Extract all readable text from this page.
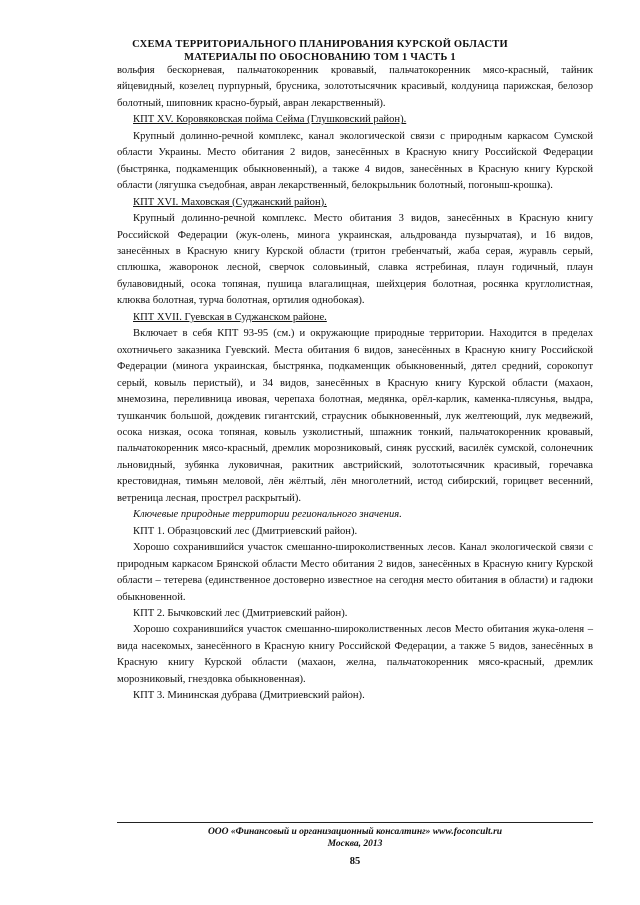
СХЕМА ТЕРРИТОРИАЛЬНОГО ПЛАНИРОВАНИЯ КУРСКОЙ ОБЛАСТИ
МАТЕРИАЛЫ ПО ОБОСНОВАНИЮ ТОМ 1 ЧАСТЬ 1

вольфия бескорневая, пальчатокоренник кровавый, пальчатокоренник мясо-красный, тайник яйцевидный, козелец пурпурный, брусника, золототысячник красивый, колдуница парижская, белозор болотный, шиповник красно-бурый, авран лекарственный).

КПТ XV. Коровяковская пойма Сейма (Глушковский район).

Крупный долинно-речной комплекс, канал экологической связи с природным каркасом Сумской области Украины. Место обитания 2 видов, занесённых в Красную книгу Российской Федерации (быстрянка, подкаменщик обыкновенный), а также 4 видов, занесённых в Красную книгу Курской области (лягушка съедобная, авран лекарственный, белокрыльник болотный, погоныш-крошка).

КПТ XVI. Маховская (Суджанский район).

Крупный долинно-речной комплекс. Место обитания 3 видов, занесённых в Красную книгу Российской Федерации (жук-олень, минога украинская, альдрованда пузырчатая), и 16 видов, занесённых в Красную книгу Курской области (тритон гребенчатый, жаба серая, журавль серый, сплюшка, жаворонок лесной, сверчок соловьиный, славка ястребиная, плаун годичный, плаун булавовидный, осока топяная, пушица влагалищная, шейхцерия болотная, росянка круглолистная, клюква болотная, турча болотная, ортилия однобокая).

КПТ XVII. Гуевская в Суджанском районе.

Включает в себя КПТ 93-95 (см.) и окружающие природные территории. Находится в пределах охотничьего заказника Гуевский. Места обитания 6 видов, занесённых в Красную книгу Российской Федерации (минога украинская, быстрянка, подкаменщик обыкновенный, дятел средний, сорокопут серый, ковыль перистый), и 34 видов, занесённых в Красную книгу Курской области (махаон, мнемозина, переливница ивовая, черепаха болотная, медянка, орёл-карлик, каменка-плясунья, выдра, тушканчик большой, дождевик гигантский, страусник обыкновенный, лук желтеющий, лук медвежий, осока низкая, осока топяная, ковыль узколистный, шпажник тонкий, пальчатокоренник кровавый, пальчатокоренник мясо-красный, дремлик морозниковый, синяк русский, василёк сумской, солонечник льновидный, зубянка луковичная, ракитник австрийский, золототысячник красивый, горечавка крестовидная, тимьян меловой, лён жёлтый, лён многолетний, истод сибирский, горицвет весенний, ветреница лесная, прострел раскрытый).

Ключевые природные территории регионального значения.

КПТ 1. Образцовский лес (Дмитриевский район).

Хорошо сохранившийся участок смешанно-широколиственных лесов. Канал экологической связи с природным каркасом Брянской области Место обитания 2 видов, занесённых в Красную книгу Курской области – тетерева (единственное достоверно известное на сегодня место обитания в области) и гадюки обыкновенной.

КПТ 2. Бычковский лес (Дмитриевский район).

Хорошо сохранившийся участок смешанно-широколиственных лесов Место обитания жука-оленя – вида насекомых, занесённого в Красную книгу Российской Федерации, а также 5 видов, занесённых в Красную книгу Курской области (махаон, желна, пальчатокоренник мясо-красный, дремлик морозниковый, гнездовка обыкновенная).

КПТ 3. Мининская дубрава (Дмитриевский район).

ООО «Финансовый и организационный консалтинг» www.foconcult.ru
Москва, 2013
85
